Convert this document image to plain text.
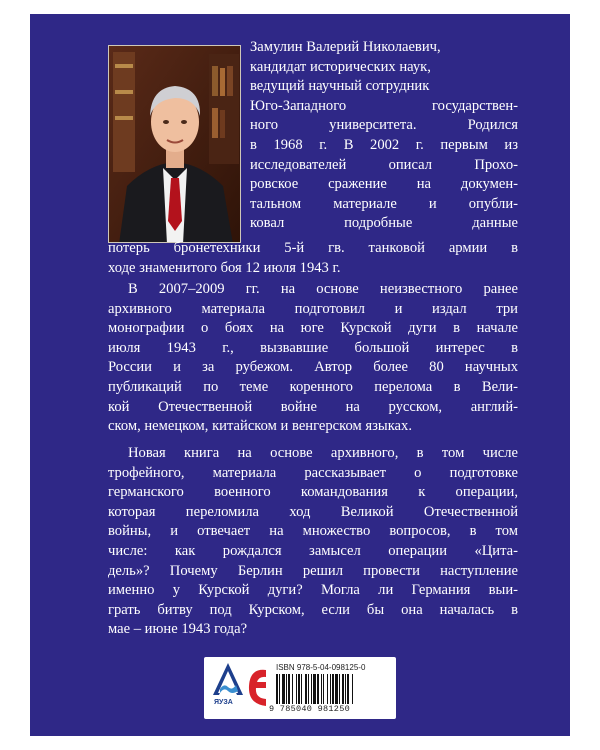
Замулин Валерий Николаевич,
кандидат исторических наук,
ведущий научный сотрудник
Юго-Западного государствен-
ного университета. Родился
в 1968 г. В 2002 г. первым из
исследователей описал Прохо-
ровское сражение на докумен-
тальном материале и опубли-
ковал подробные данные
потерь бронетехники 5-й гв. танковой армии в
ходе знаменитого боя 12 июля 1943 г.
В 2007–2009 гг. на основе неизвестного ранее
архивного материала подготовил и издал три
монографии о боях на юге Курской дуги в начале
июля 1943 г., вызвавшие большой интерес в
России и за рубежом. Автор более 80 научных
публикаций по теме коренного перелома в Вели-
кой Отечественной войне на русском, англий-
ском, немецком, китайском и венгерском языках.
Новая книга на основе архивного, в том числе
трофейного, материала рассказывает о подготовке
германского военного командования к операции,
которая переломила ход Великой Отечественной
войны, и отвечает на множество вопросов, в том
числе: как рождался замысел операции «Цита-
дель»? Почему Берлин решил провести наступление
именно у Курской дуги? Могла ли Германия выи-
грать битву под Курском, если бы она началась в
мае – июне 1943 года?
ЯУЗА
ISBN 978-5-04-098125-0
9 785040 981250
